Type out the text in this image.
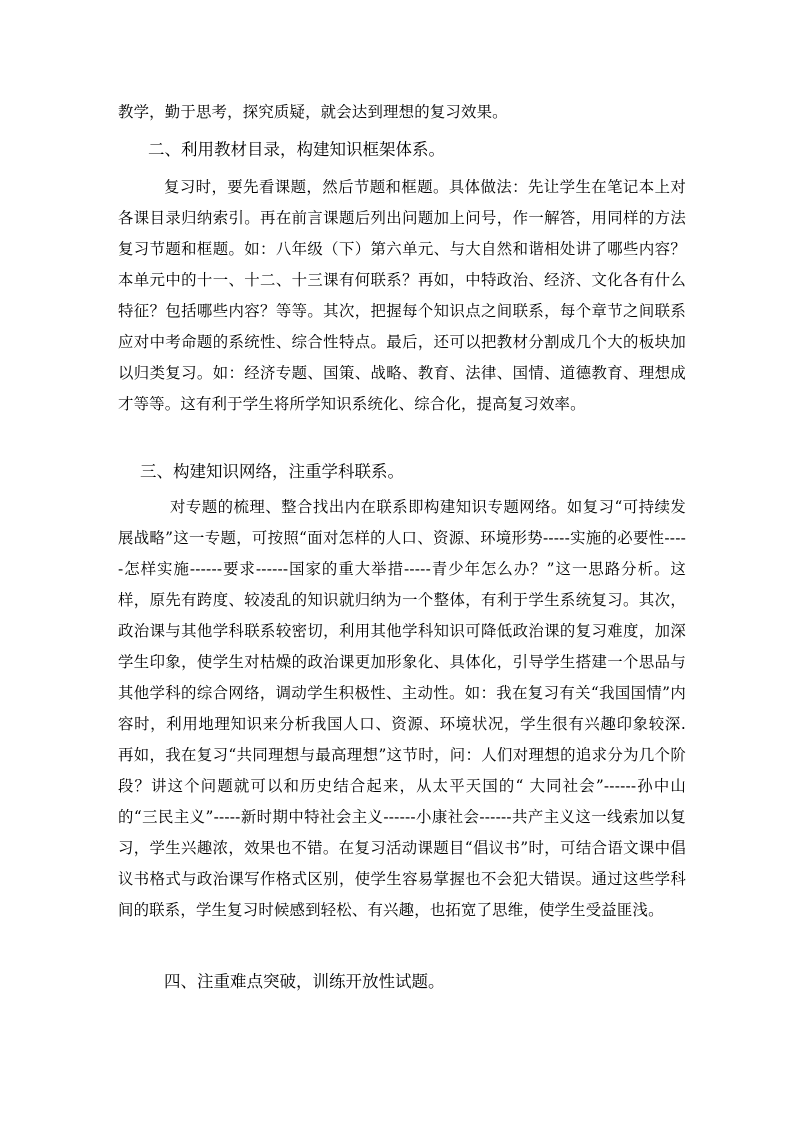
教学，勤于思考，探究质疑，就会达到理想的复习效果。

二、利用教材目录，构建知识框架体系。

复习时，要先看课题，然后节题和框题。具体做法：先让学生在笔记本上对各课目录归纳索引。再在前言课题后列出问题加上问号，作一解答，用同样的方法复习节题和框题。如：八年级（下）第六单元、与大自然和谐相处讲了哪些内容？本单元中的十一、十二、十三课有何联系？再如，中特政治、经济、文化各有什么特征？包括哪些内容？等等。其次，把握每个知识点之间联系，每个章节之间联系应对中考命题的系统性、综合性特点。最后，还可以把教材分割成几个大的板块加以归类复习。如：经济专题、国策、战略、教育、法律、国情、道德教育、理想成才等等。这有利于学生将所学知识系统化、综合化，提高复习效率。

三、构建知识网络，注重学科联系。

对专题的梳理、整合找出内在联系即构建知识专题网络。如复习“可持续发展战略”这一专题，可按照“面对怎样的人口、资源、环境形势-----实施的必要性-----怎样实施------要求------国家的重大举措-----青少年怎么办？”这一思路分析。这样，原先有跨度、较凌乱的知识就归纳为一个整体，有利于学生系统复习。其次，政治课与其他学科联系较密切，利用其他学科知识可降低政治课的复习难度，加深学生印象，使学生对枯燥的政治课更加形象化、具体化，引导学生搭建一个思品与其他学科的综合网络，调动学生积极性、主动性。如：我在复习有关“我国国情”内容时，利用地理知识来分析我国人口、资源、环境状况，学生很有兴趣印象较深. 再如，我在复习“共同理想与最高理想”这节时，问：人们对理想的追求分为几个阶段？讲这个问题就可以和历史结合起来，从太平天国的“ 大同社会”------孙中山的“三民主义”-----新时期中特社会主义------小康社会------共产主义这一线索加以复习，学生兴趣浓，效果也不错。在复习活动课题目“倡议书”时，可结合语文课中倡议书格式与政治课写作格式区别，使学生容易掌握也不会犯大错误。通过这些学科间的联系，学生复习时候感到轻松、有兴趣，也拓宽了思维，使学生受益匪浅。

四、注重难点突破，训练开放性试题。
